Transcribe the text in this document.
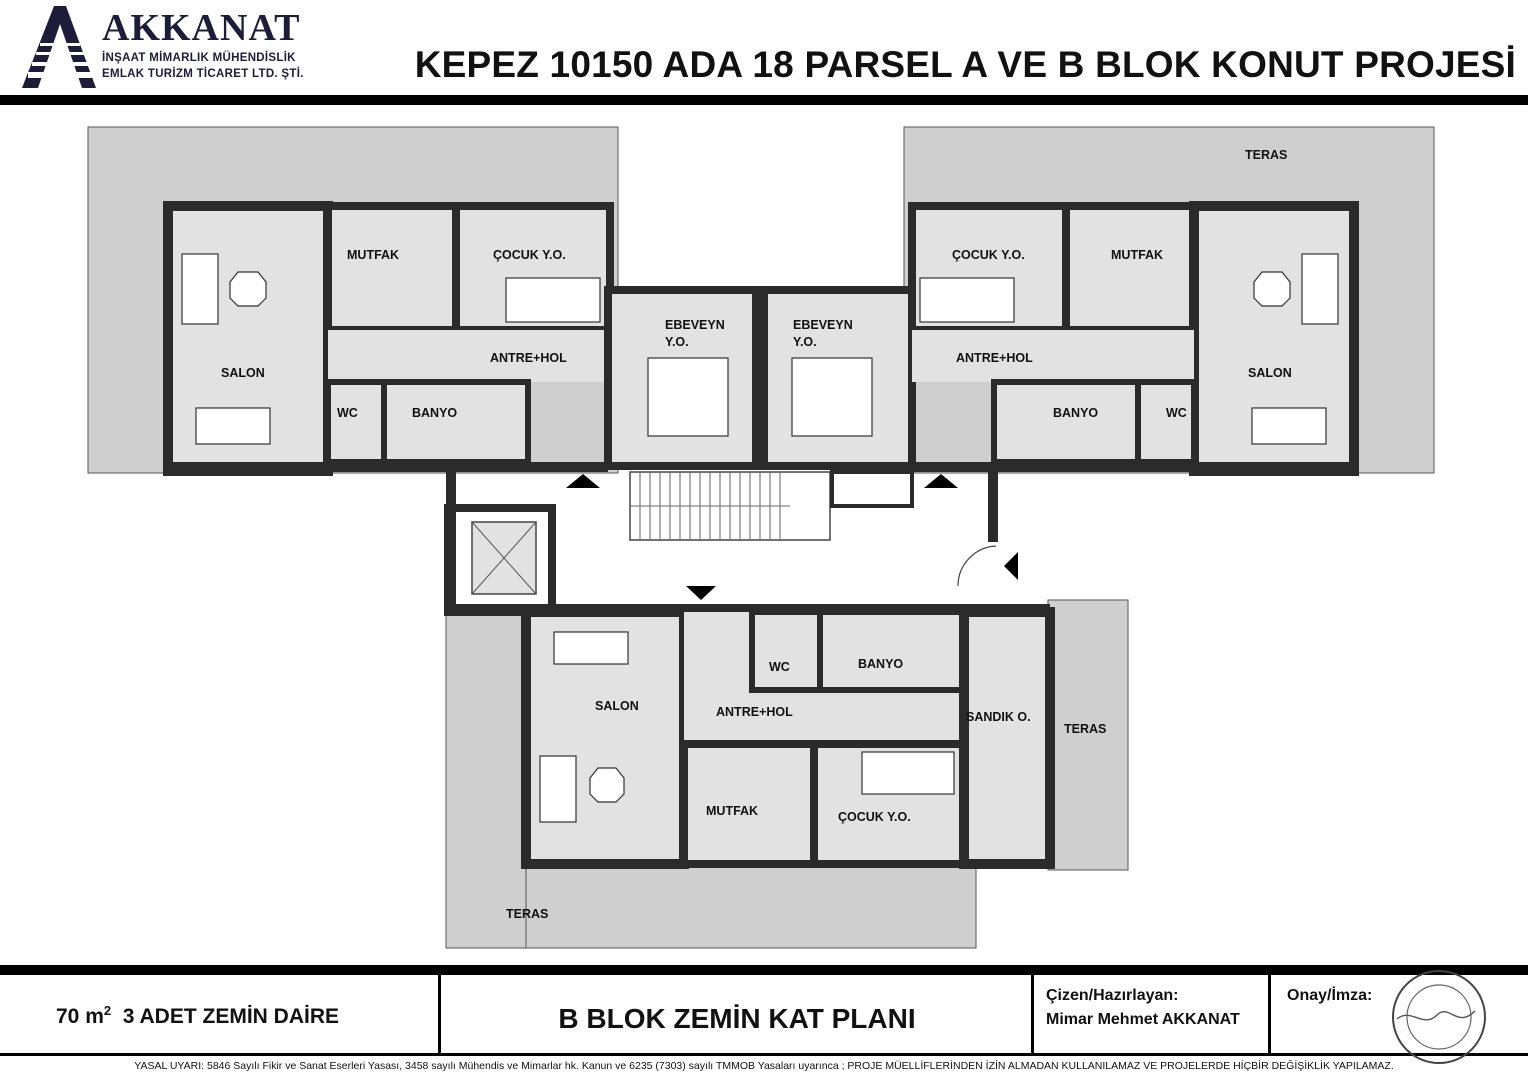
AKKANAT
İNŞAAT MİMARLIK MÜHENDİSLİK
EMLAK TURİZM TİCARET LTD. ŞTİ.	KEPEZ 10150 ADA 18 PARSEL A VE B BLOK KONUT PROJESİ
TERAS
MUTFAK	ÇOCUK Y.O.
EBEVEYN
Y.O.
EBEVEYN
Y.O.
ÇOCUK Y.O.	MUTFAK
ANTRE+HOL	ANTRE+HOL
SALON	SALON
WC	BANYO	BANYO	WC
WC	BANYO
SALON	ANTRE+HOL	SANDIK O.
TERAS
MUTFAK	ÇOCUK Y.O.
TERAS
70 $m^2$  3 ADET ZEMİN DAİRE	B BLOK ZEMİN KAT PLANI
Çizen/Hazırlayan:
Mimar Mehmet AKKANAT
Onay/İmza:
YASAL UYARI: 5846 Sayılı Fikir ve Sanat Eserleri Yasası, 3458 sayılı Mühendis ve Mimarlar hk. Kanun ve 6235 (7303) sayılı TMMOB Yasaları uyarınca ; PROJE MÜELLİFLERİNDEN İZİN ALMADAN KULLANILAMAZ VE PROJELERDE HİÇBİR DEĞİŞİKLİK YAPILAMAZ.
